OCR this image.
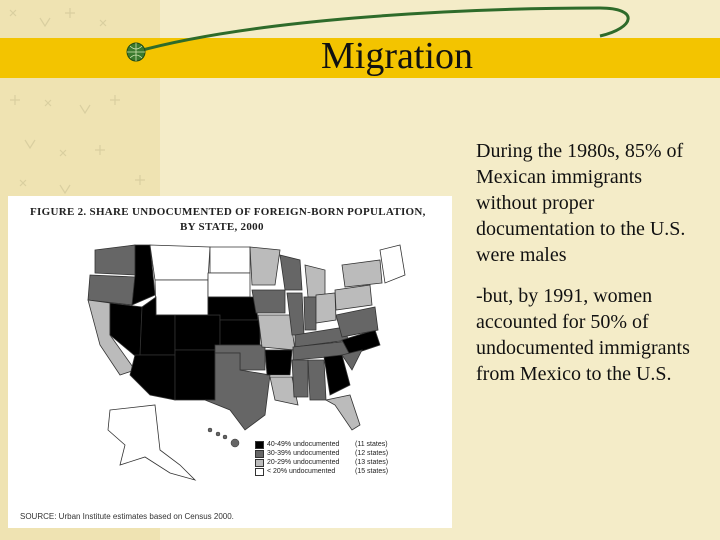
Migration
FIGURE 2. SHARE UNDOCUMENTED OF FOREIGN-BORN POPULATION,
BY STATE, 2000
40-49% undocumented	(11 states)
30-39% undocumented	(12 states)
20-29% undocumented	(13 states)
< 20% undocumented	(15 states)
SOURCE: Urban Institute estimates based on Census 2000.

During the 1980s, 85% of Mexican immigrants without proper documentation to the U.S. were males

-but, by 1991, women accounted for 50% of undocumented immigrants from Mexico to the U.S.
